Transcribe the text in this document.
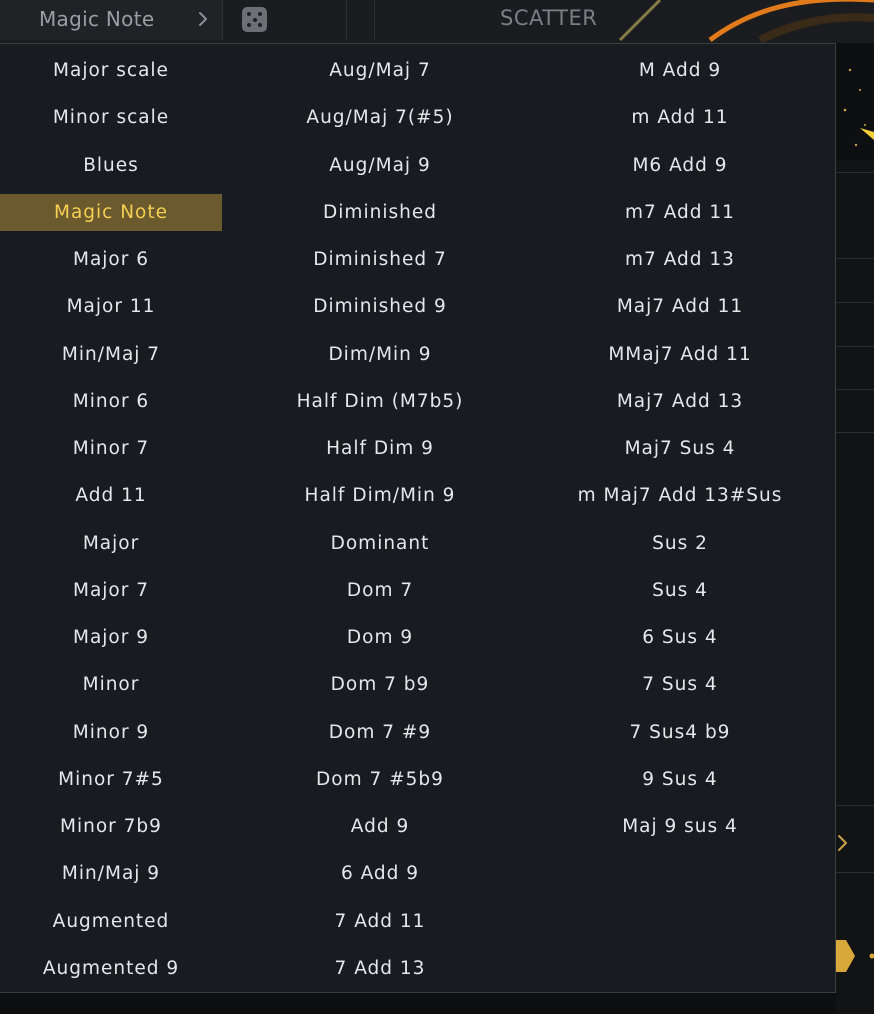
Magic Note	SCATTER
Major scale
Minor scale
Blues
Magic Note
Major 6
Major 11
Min/Maj 7
Minor 6
Minor 7
Add 11
Major
Major 7
Major 9
Minor
Minor 9
Minor 7#5
Minor 7b9
Min/Maj 9
Augmented
Augmented 9
Aug/Maj 7
Aug/Maj 7(#5)
Aug/Maj 9
Diminished
Diminished 7
Diminished 9
Dim/Min 9
Half Dim (M7b5)
Half Dim 9
Half Dim/Min 9
Dominant
Dom 7
Dom 9
Dom 7 b9
Dom 7 #9
Dom 7 #5b9
Add 9
6 Add 9
7 Add 11
7 Add 13
M Add 9
m Add 11
M6 Add 9
m7 Add 11
m7 Add 13
Maj7 Add 11
MMaj7 Add 11
Maj7 Add 13
Maj7 Sus 4
m Maj7 Add 13#Sus
Sus 2
Sus 4
6 Sus 4
7 Sus 4
7 Sus4 b9
9 Sus 4
Maj 9 sus 4
